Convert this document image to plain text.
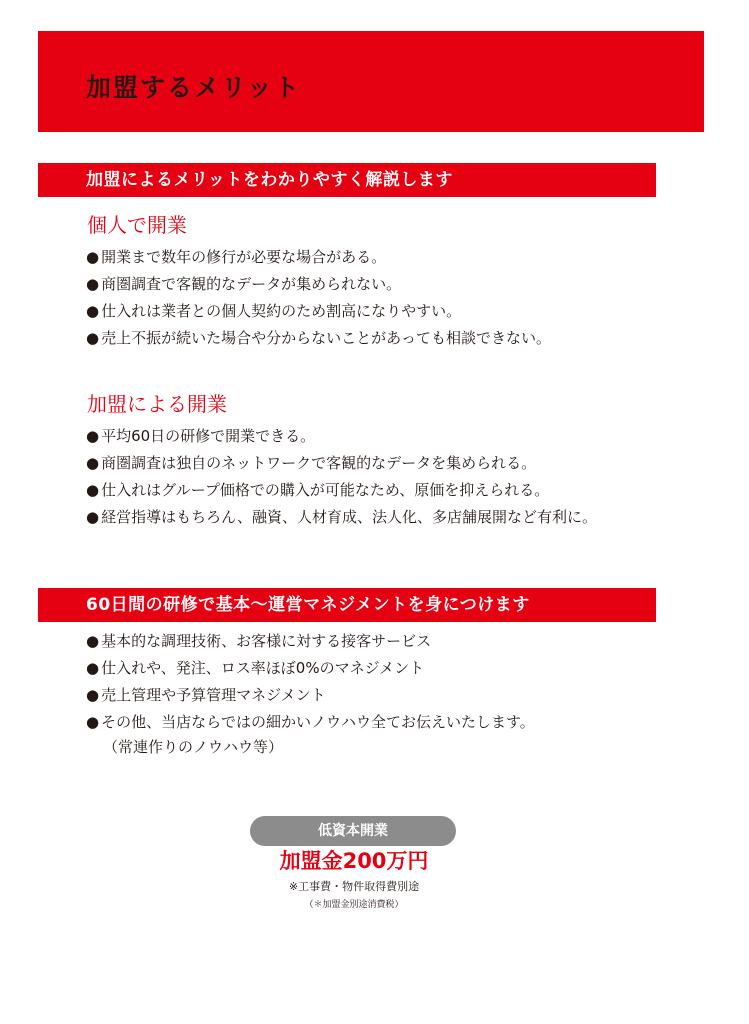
加盟するメリット
加盟によるメリットをわかりやすく解説します
個人で開業
● 開業まで数年の修行が必要な場合がある。
● 商圏調査で客観的なデータが集められない。
● 仕入れは業者との個人契約のため割高になりやすい。
● 売上不振が続いた場合や分からないことがあっても相談できない。
加盟による開業
● 平均60日の研修で開業できる。
● 商圏調査は独自のネットワークで客観的なデータを集められる。
● 仕入れはグループ価格での購入が可能なため、原価を抑えられる。
● 経営指導はもちろん、融資、人材育成、法人化、多店舗展開など有利に。
60日間の研修で基本〜運営マネジメントを身につけます
● 基本的な調理技術、お客様に対する接客サービス
● 仕入れや、発注、ロス率ほぼ0%のマネジメント
● 売上管理や予算管理マネジメント
● その他、当店ならではの細かいノウハウ全てお伝えいたします。
（常連作りのノウハウ等）
低資本開業
加盟金200万円
※工事費・物件取得費別途
（＊加盟金別途消費税）
